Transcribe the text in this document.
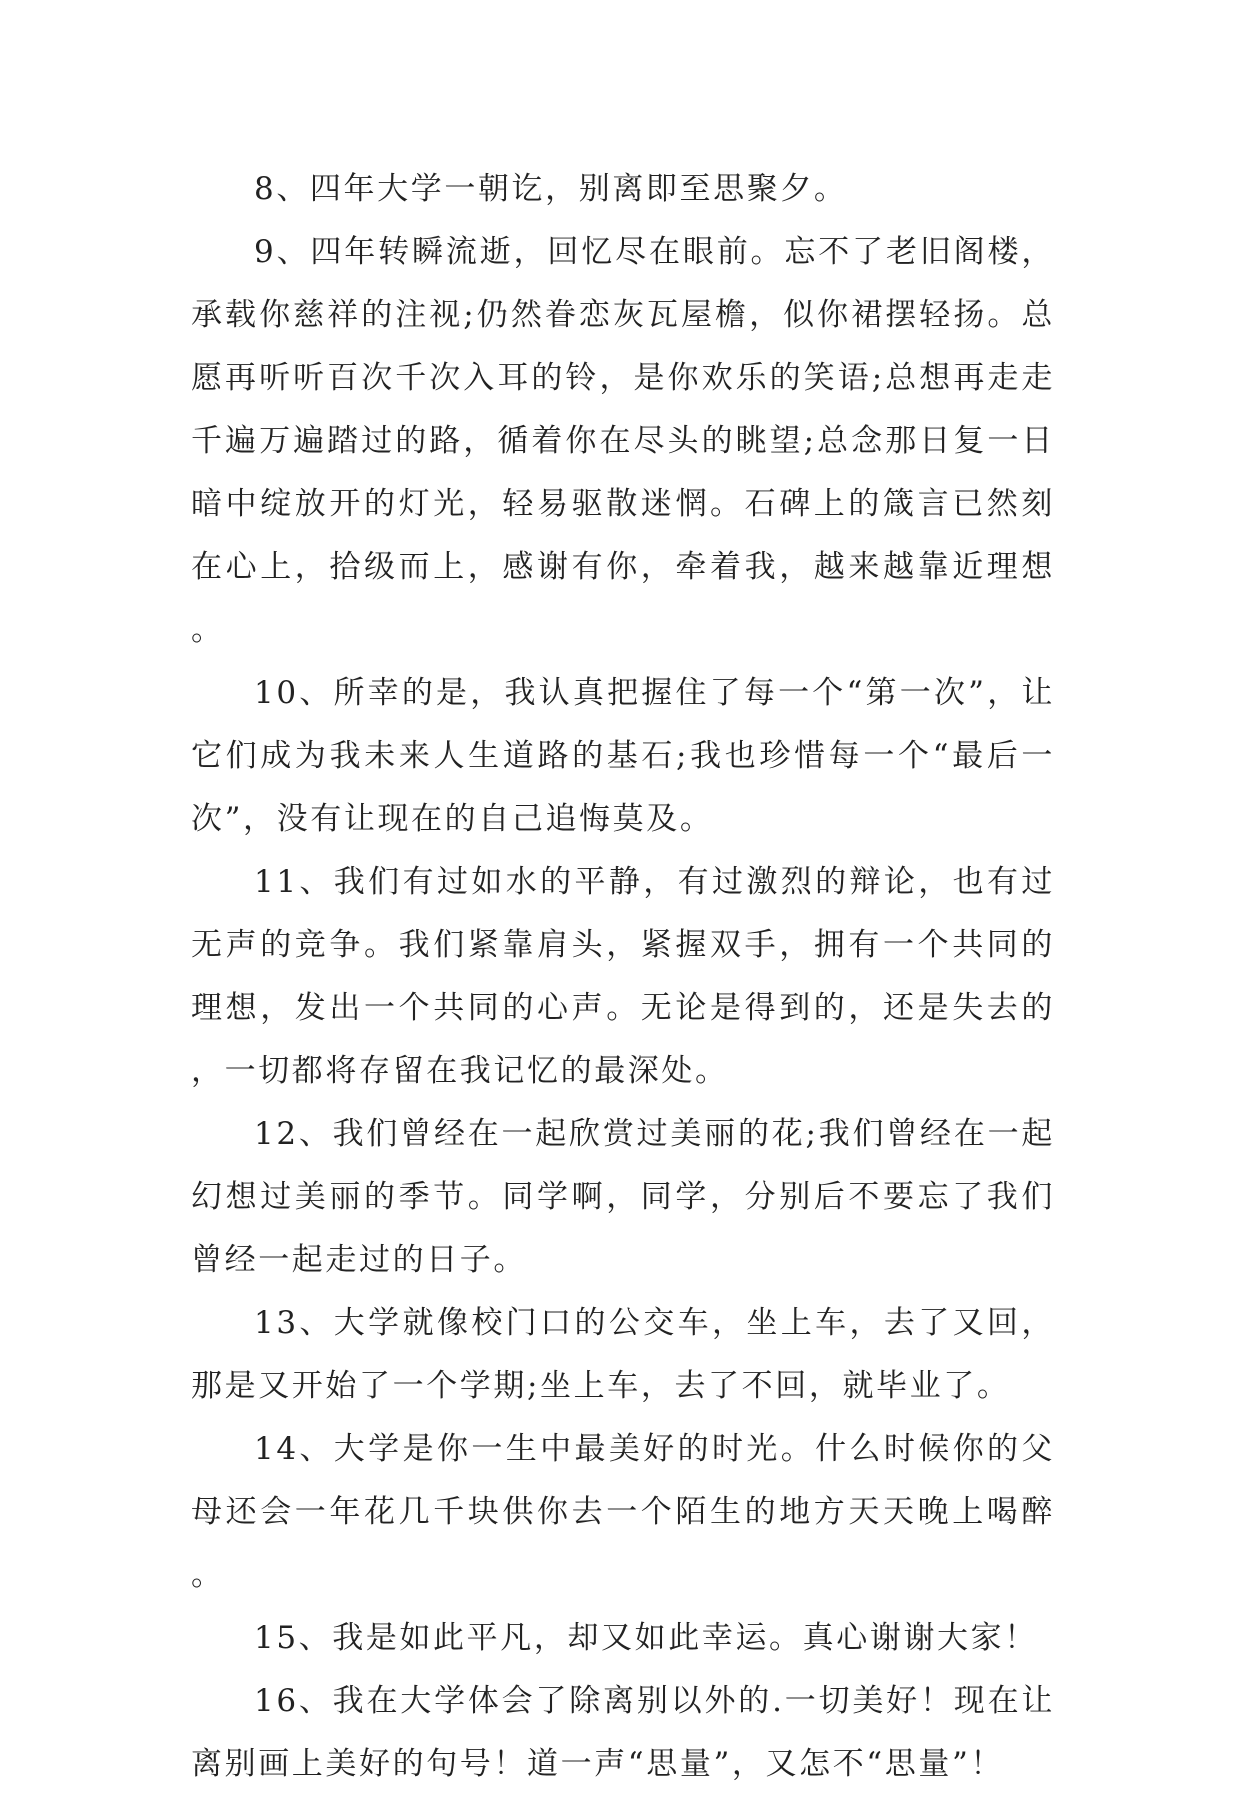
8、四年大学一朝讫，别离即至思聚夕。

9、四年转瞬流逝，回忆尽在眼前。忘不了老旧阁楼，承载你慈祥的注视;仍然眷恋灰瓦屋檐，似你裙摆轻扬。总愿再听听百次千次入耳的铃，是你欢乐的笑语;总想再走走千遍万遍踏过的路，循着你在尽头的眺望;总念那日复一日暗中绽放开的灯光，轻易驱散迷惘。石碑上的箴言已然刻在心上，拾级而上，感谢有你，牵着我，越来越靠近理想。

10、所幸的是，我认真把握住了每一个“第一次”，让它们成为我未来人生道路的基石;我也珍惜每一个“最后一次”，没有让现在的自己追悔莫及。

11、我们有过如水的平静，有过激烈的辩论，也有过无声的竞争。我们紧靠肩头，紧握双手，拥有一个共同的理想，发出一个共同的心声。无论是得到的，还是失去的，一切都将存留在我记忆的最深处。

12、我们曾经在一起欣赏过美丽的花;我们曾经在一起幻想过美丽的季节。同学啊，同学，分别后不要忘了我们曾经一起走过的日子。

13、大学就像校门口的公交车，坐上车，去了又回，那是又开始了一个学期;坐上车，去了不回，就毕业了。

14、大学是你一生中最美好的时光。什么时候你的父母还会一年花几千块供你去一个陌生的地方天天晚上喝醉。

15、我是如此平凡，却又如此幸运。真心谢谢大家！

16、我在大学体会了除离别以外的.一切美好！现在让离别画上美好的句号！道一声“思量”，又怎不“思量”！
